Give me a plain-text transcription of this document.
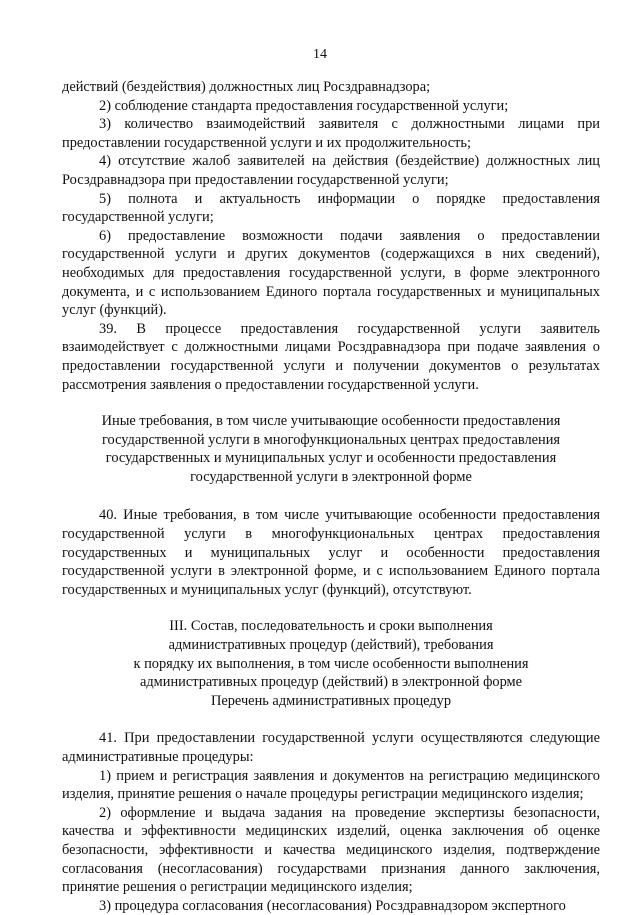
14

действий (бездействия) должностных лиц Росздравнадзора;

2) соблюдение стандарта предоставления государственной услуги;

3) количество взаимодействий заявителя с должностными лицами при предоставлении государственной услуги и их продолжительность;

4) отсутствие жалоб заявителей на действия (бездействие) должностных лиц Росздравнадзора при предоставлении государственной услуги;

5) полнота и актуальность информации о порядке предоставления государственной услуги;

6) предоставление возможности подачи заявления о предоставлении государственной услуги и других документов (содержащихся в них сведений), необходимых для предоставления государственной услуги, в форме электронного документа, и с использованием Единого портала государственных и муниципальных услуг (функций).

39. В процессе предоставления государственной услуги заявитель взаимодействует с должностными лицами Росздравнадзора при подаче заявления о предоставлении государственной услуги и получении документов о результатах рассмотрения заявления о предоставлении государственной услуги.

Иные требования, в том числе учитывающие особенности предоставления
государственной услуги в многофункциональных центрах предоставления
государственных и муниципальных услуг и особенности предоставления
государственной услуги в электронной форме

40. Иные требования, в том числе учитывающие особенности предоставления государственной услуги в многофункциональных центрах предоставления государственных и муниципальных услуг и особенности предоставления государственной услуги в электронной форме, и с использованием Единого портала государственных и муниципальных услуг (функций), отсутствуют.

III. Состав, последовательность и сроки выполнения
административных процедур (действий), требования
к порядку их выполнения, в том числе особенности выполнения
административных процедур (действий) в электронной форме
Перечень административных процедур

41. При предоставлении государственной услуги осуществляются следующие административные процедуры:

1) прием и регистрация заявления и документов на регистрацию медицинского изделия, принятие решения о начале процедуры регистрации медицинского изделия;

2) оформление и выдача задания на проведение экспертизы безопасности, качества и эффективности медицинских изделий, оценка заключения об оценке безопасности, эффективности и качества медицинского изделия, подтверждение согласования (несогласования) государствами признания данного заключения, принятие решения о регистрации медицинского изделия;

3) процедура согласования (несогласования) Росздравнадзором экспертного
